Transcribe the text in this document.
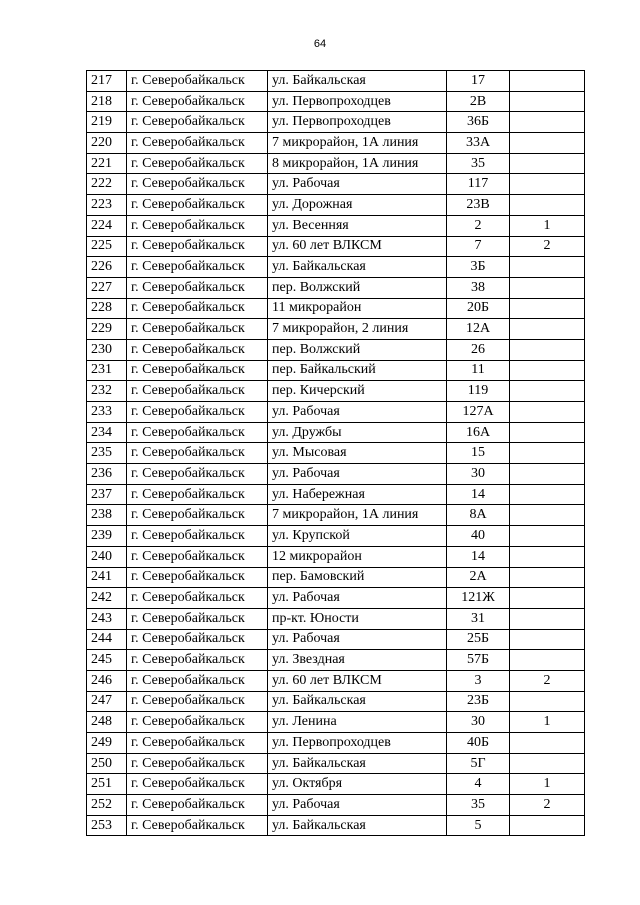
64
217	г. Северобайкальск	ул. Байкальская	17	
218	г. Северобайкальск	ул. Первопроходцев	2В	
219	г. Северобайкальск	ул. Первопроходцев	36Б	
220	г. Северобайкальск	7 микрорайон, 1А линия	33А	
221	г. Северобайкальск	8 микрорайон, 1А линия	35	
222	г. Северобайкальск	ул. Рабочая	117	
223	г. Северобайкальск	ул. Дорожная	23В	
224	г. Северобайкальск	ул. Весенняя	2	1
225	г. Северобайкальск	ул. 60 лет ВЛКСМ	7	2
226	г. Северобайкальск	ул. Байкальская	3Б	
227	г. Северобайкальск	пер. Волжский	38	
228	г. Северобайкальск	11 микрорайон	20Б	
229	г. Северобайкальск	7 микрорайон, 2 линия	12А	
230	г. Северобайкальск	пер. Волжский	26	
231	г. Северобайкальск	пер. Байкальский	11	
232	г. Северобайкальск	пер. Кичерский	119	
233	г. Северобайкальск	ул. Рабочая	127А	
234	г. Северобайкальск	ул. Дружбы	16А	
235	г. Северобайкальск	ул. Мысовая	15	
236	г. Северобайкальск	ул. Рабочая	30	
237	г. Северобайкальск	ул. Набережная	14	
238	г. Северобайкальск	7 микрорайон, 1А линия	8А	
239	г. Северобайкальск	ул. Крупской	40	
240	г. Северобайкальск	12 микрорайон	14	
241	г. Северобайкальск	пер. Бамовский	2А	
242	г. Северобайкальск	ул. Рабочая	121Ж	
243	г. Северобайкальск	пр-кт. Юности	31	
244	г. Северобайкальск	ул. Рабочая	25Б	
245	г. Северобайкальск	ул. Звездная	57Б	
246	г. Северобайкальск	ул. 60 лет ВЛКСМ	3	2
247	г. Северобайкальск	ул. Байкальская	23Б	
248	г. Северобайкальск	ул. Ленина	30	1
249	г. Северобайкальск	ул. Первопроходцев	40Б	
250	г. Северобайкальск	ул. Байкальская	5Г	
251	г. Северобайкальск	ул. Октября	4	1
252	г. Северобайкальск	ул. Рабочая	35	2
253	г. Северобайкальск	ул. Байкальская	5	
